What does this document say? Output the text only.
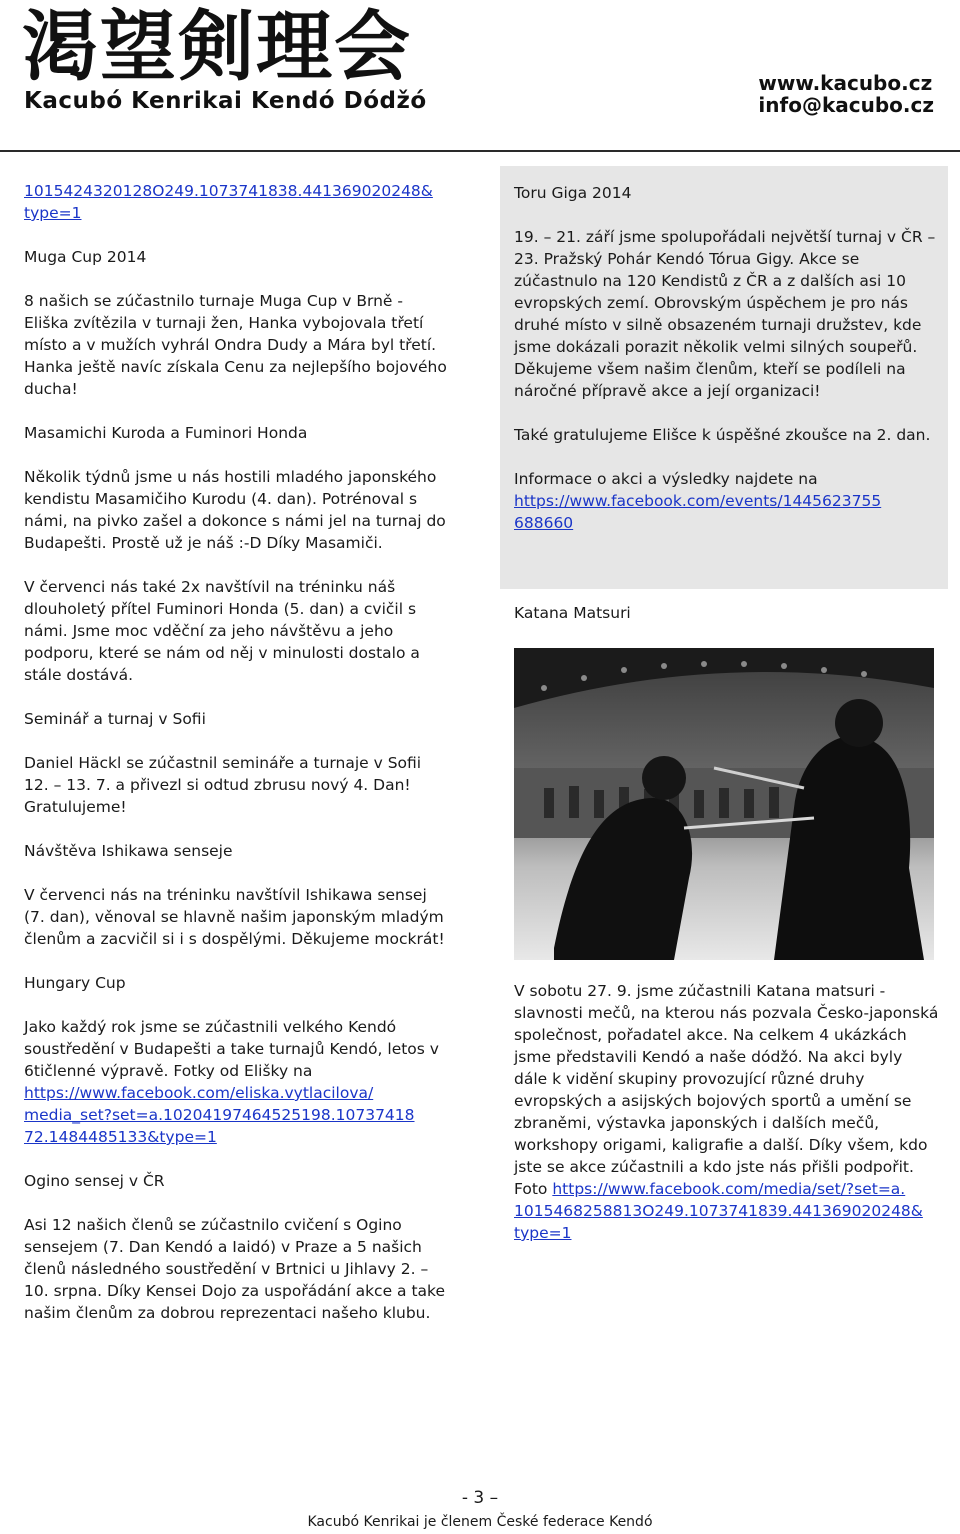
渇望剣理会
Kacubó Kenrikai Kendó Dódžó
www.kacubo.cz
info@kacubo.cz

1015424320128O249.1073741838.441369020248& type=1

Muga Cup 2014

8 našich se zúčastnilo turnaje Muga Cup v Brně - Eliška zvítězila v turnaji žen, Hanka vybojovala třetí místo a v mužích vyhrál Ondra Dudy a Mára byl třetí. Hanka ještě navíc získala Cenu za nejlepšího bojového ducha!

Masamichi Kuroda a Fuminori Honda

Několik týdnů jsme u nás hostili mladého japonského kendistu Masamičiho Kurodu (4. dan). Potrénoval s námi, na pivko zašel a dokonce s námi jel na turnaj do Budapešti. Prostě už je náš :-D Díky Masamiči.

V červenci nás také 2x navštívil na tréninku náš dlouholetý přítel Fuminori Honda (5. dan) a cvičil s námi. Jsme moc vděční za jeho návštěvu a jeho podporu, které se nám od něj v minulosti dostalo a stále dostává.

Seminář a turnaj v Sofii

Daniel Häckl se zúčastnil semináře a turnaje v Sofii 12. – 13. 7. a přivezl si odtud zbrusu nový 4. Dan! Gratulujeme!

Návštěva Ishikawa senseje

V červenci nás na tréninku navštívil Ishikawa sensej (7. dan), věnoval se hlavně našim japonským mladým členům a zacvičil si i s dospělými. Děkujeme mockrát!

Hungary Cup

Jako každý rok jsme se zúčastnili velkého Kendó soustředění v Budapešti a take turnajů Kendó, letos v 6tičlenné výpravě. Fotky od Elišky na https://www.facebook.com/eliska.vytlacilova/ media_set?set=a.10204197464525198.10737418 72.1484485133&type=1

Ogino sensej v ČR

Asi 12 našich členů se zúčastnilo cvičení s Ogino sensejem (7. Dan Kendó a Iaidó) v Praze a 5 našich členů následného soustředění v Brtnici u Jihlavy 2. – 10. srpna. Díky Kensei Dojo za uspořádání akce a take našim členům za dobrou reprezentaci našeho klubu.

Toru Giga 2014

19. – 21. září jsme spolupořádali největší turnaj v ČR – 23. Pražský Pohár Kendó Tórua Gigy. Akce se zúčastnulo na 120 Kendistů z ČR a z dalších asi 10 evropských zemí. Obrovským úspěchem je pro nás druhé místo v silně obsazeném turnaji družstev, kde jsme dokázali porazit několik velmi silných soupeřů. Děkujeme všem našim členům, kteří se podíleli na náročné přípravě akce a její organizaci!

Také gratulujeme Elišce k úspěšné zkoušce na 2. dan.

Informace o akci a výsledky najdete na https://www.facebook.com/events/1445623755 688660

Katana Matsuri

V sobotu 27. 9. jsme zúčastnili Katana matsuri - slavnosti mečů, na kterou nás pozvala Česko-japonská společnost, pořadatel akce. Na celkem 4 ukázkách jsme představili Kendó a naše dódžó. Na akci byly dále k vidění skupiny provozující různé druhy evropských a asijských bojových sportů a umění se zbraněmi, výstavka japonských i dalších mečů, workshopy origami, kaligrafie a další. Díky všem, kdo jste se akce zúčastnili a kdo jste nás přišli podpořit. Foto https://www.facebook.com/media/set/?set=a. 1015468258813O249.1073741839.441369020248& type=1

- 3 –
Kacubó Kenrikai je členem České federace Kendó
